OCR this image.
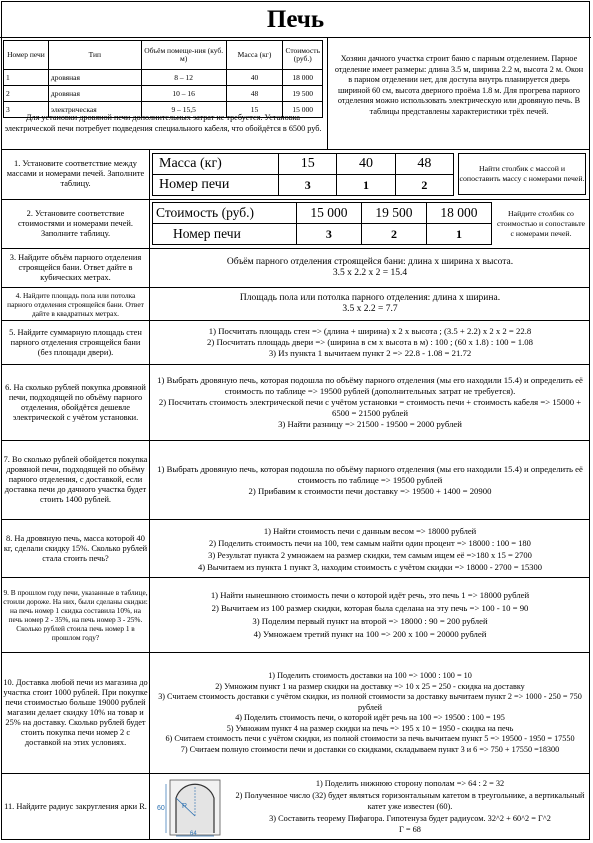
Печь
Номер печи	Тип	Объём помеще-ния (куб. м)	Масса (кг)	Стоимость (руб.)
1	дровяная	8 – 12	40	18 000
2	дровяная	10 – 16	48	19 500
3	электрическая	9 – 15,5	15	15 000
Для установки дровяной печи дополнительных затрат не требуется. Установка электрической печи потребует подведения специального кабеля, что обойдётся в 6500 руб.
Хозяин дачного участка строит баню с парным отделением. Парное отделение имеет размеры: длина 3.5 м, ширина 2.2 м, высота 2 м. Окон в парном отделении нет, для доступа внутрь планируется дверь шириной 60 см, высота дверного проёма 1.8 м. Для прогрева парного отделения можно использовать электрическую или дровяную печь. В таблицы представлены характеристики трёх печей.
1. Установите соответствие между массами и номерами печей. Заполните таблицу.
Масса (кг)	15	40	48
Номер печи	3	1	2
Найти столбик с массой и сопоставить массу с номерами печей.
2. Установите соответствие стоимостями и номерами печей. Заполните таблицу.
Стоимость (руб.)	15 000	19 500	18 000
Номер печи	3	2	1
Найдите столбик со стоимостью и сопоставьте с номерами печей.
3. Найдите объём парного отделения строящейся бани. Ответ дайте в кубических метрах.
Объём парного отделения строящейся бани: длина x ширина x высота.
3.5 x 2.2 x 2 = 15.4
4. Найдите площадь пола или потолка парного отделения строящейся бани. Ответ дайте в квадратных метрах.
Площадь пола или потолка парного отделения: длина x ширина.
3.5 x 2.2 = 7.7
5. Найдите суммарную площадь стен парного отделения строящейся бани (без площади двери).
1) Посчитать площадь стен => (длина + ширина) x 2 x высота ; (3.5 + 2.2) x 2 x 2 = 22.8
2) Посчитать площадь двери => (ширина в см x высота в м) : 100 ; (60 x 1.8) : 100 = 1.08
3) Из пункта 1 вычитаем пункт 2 => 22.8 - 1.08 = 21.72
6. На сколько рублей покупка дровяной печи, подходящей по объёму парного отделения, обойдётся дешевле электрической с учётом установки.
1) Выбрать дровяную печь, которая подошла по объёму парного отделения (мы его находили 15.4) и определить её стоимость по таблице => 19500 рублей (дополнительных затрат не требуется).
2) Посчитать стоимость электрической печи с учётом установки = стоимость печи + стоимость кабеля => 15000 + 6500 = 21500 рублей
3) Найти разницу => 21500 - 19500 = 2000 рублей
7. Во сколько рублей обойдется покупка дровяной печи, подходящей по объёму парного отделения, с доставкой, если доставка печи до дачного участка будет стоить 1400 рублей.
1) Выбрать дровяную печь, которая подошла по объёму парного отделения (мы его находили 15.4) и определить её стоимость по таблице => 19500 рублей
2) Прибавим к стоимости печи доставку => 19500 + 1400 = 20900
8. На дровяную печь, масса которой 40 кг, сделали скидку 15%. Сколько рублей стала стоить печь?
1) Найти стоимость печи с данным весом => 18000 рублей
2) Поделить стоимость печи на 100, тем самым найти один процент => 18000 : 100 = 180
3) Результат пункта 2 умножаем на размер скидки, тем самым ищем её =>180 x 15 = 2700
4) Вычитаем из пункта 1 пункт 3, находим стоимость с учётом скидки => 18000 - 2700 = 15300
9. В прошлом году печи, указанные в таблице, стоили дороже. На них, были сделаны скидки: на печь номер 1 скидка составила 10%, на печь номер 2 - 35%, на печь номер 3 - 25%. Сколько рублей стоила печь номер 1 в прошлом году?
1) Найти нынешнюю стоимость печи о которой идёт речь, это печь 1 => 18000 рублей
2) Вычитаем из 100 размер скидки, которая была сделана на эту печь => 100 - 10 = 90
3) Поделим первый пункт на второй => 18000 : 90 = 200 рублей
4) Умножаем третий пункт на 100 => 200 x 100 = 20000 рублей
10. Доставка любой печи из магазина до участка стоит 1000 рублей. При покупке печи стоимостью больше 19000 рублей магазин делает скидку 10% на товар и 25% на доставку. Сколько рублей будет стоить покупка печи номер 2 с доставкой на этих условиях.
1) Поделить стоимость доставки на 100 => 1000 : 100 = 10
2) Умножим пункт 1 на размер скидки на доставку => 10 x 25 = 250 - скидка на доставку
3) Считаем стоимость доставки с учётом скидки, из полной стоимости за доставку вычитаем пункт 2 => 1000 - 250 = 750 рублей
4) Поделить стоимость печи, о которой идёт речь на 100 => 19500 : 100 = 195
5) Умножим пункт 4 на размер скидки на печь => 195 x 10 = 1950 - скидка на печь
6) Считаем стоимость печи с учётом скидки, из полной стоимости за печь вычитаем пункт 5 => 19500 - 1950 = 17550
7) Считаем полную стоимости печи и доставки со скидками, складываем пункт 3 и 6 => 750 + 17550 =18300
11. Найдите радиус закругления арки R. 60
64
R
1) Поделить нижнюю сторону пополам => 64 : 2 = 32
2) Полученное число (32) будет являться горизонтальным катетом в треугольнике, а вертикальный катет уже известен (60).
3) Составить теорему Пифагора. Гипотенуза будет радиусом. 32^2 + 60^2 = Г^2
Г = 68
